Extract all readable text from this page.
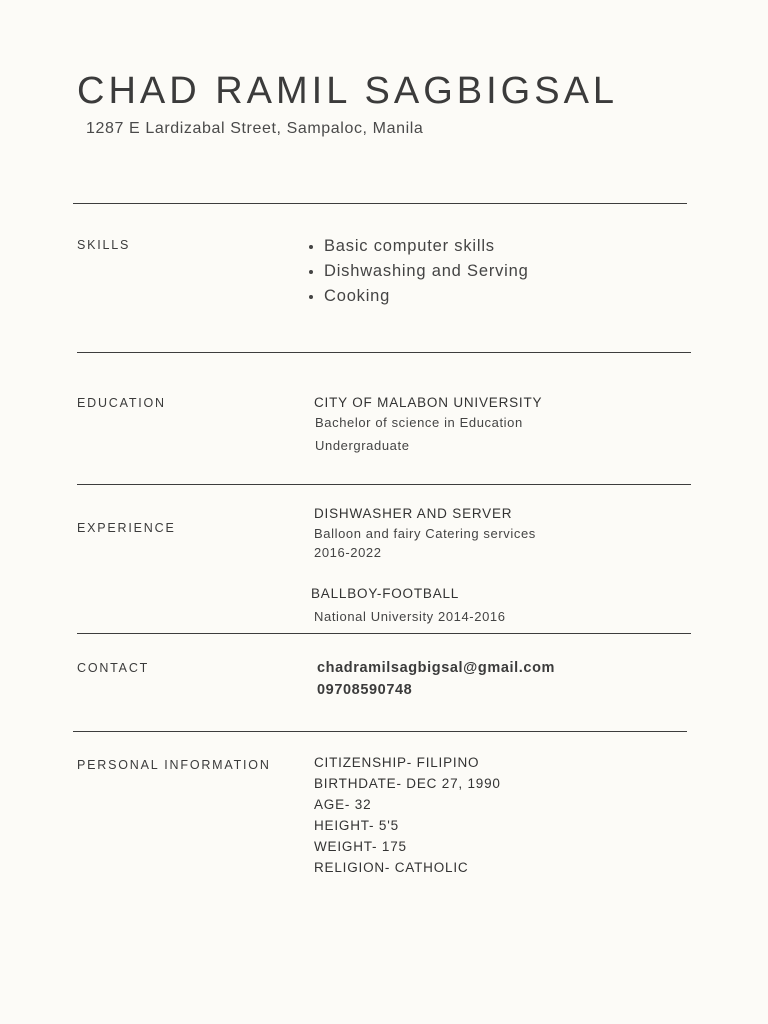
CHAD RAMIL SAGBIGSAL
1287 E Lardizabal Street, Sampaloc, Manila
SKILLS	Basic computer skills
Dishwashing and Serving
Cooking
EDUCATION	CITY OF MALABON UNIVERSITY
Bachelor of science in Education
Undergraduate
EXPERIENCE
DISHWASHER AND SERVER
Balloon and fairy Catering services
2016-2022
BALLBOY-FOOTBALL
National University 2014-2016
CONTACT	chadramilsagbigsal@gmail.com
09708590748
PERSONAL INFORMATION	CITIZENSHIP- FILIPINO
BIRTHDATE- DEC 27, 1990
AGE- 32
HEIGHT- 5'5
WEIGHT- 175
RELIGION- CATHOLIC
